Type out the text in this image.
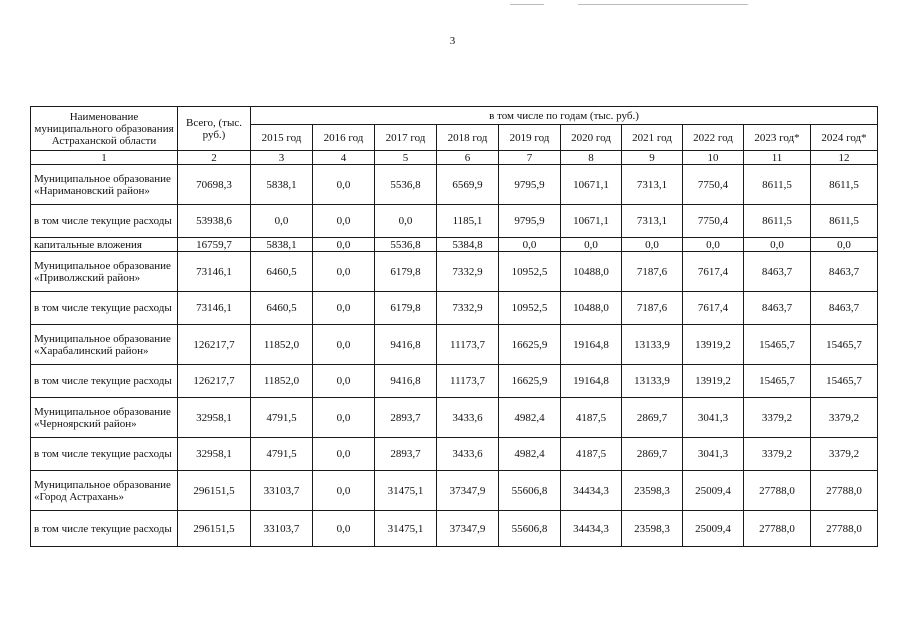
3
Наименование муниципального образования Астраханской области	Всего, (тыс. руб.)	в том числе по годам (тыс. руб.)									
		2015 год	2016 год	2017 год	2018 год	2019 год	2020 год	2021 год	2022 год	2023 год*	2024 год*
1	2	3	4	5	6	7	8	9	10	11	12
Муниципальное образование «Наримановский район»	70698,3	5838,1	0,0	5536,8	6569,9	9795,9	10671,1	7313,1	7750,4	8611,5	8611,5
в том числе текущие расходы	53938,6	0,0	0,0	0,0	1185,1	9795,9	10671,1	7313,1	7750,4	8611,5	8611,5
капитальные вложения	16759,7	5838,1	0,0	5536,8	5384,8	0,0	0,0	0,0	0,0	0,0	0,0
Муниципальное образование «Приволжский район»	73146,1	6460,5	0,0	6179,8	7332,9	10952,5	10488,0	7187,6	7617,4	8463,7	8463,7
в том числе текущие расходы	73146,1	6460,5	0,0	6179,8	7332,9	10952,5	10488,0	7187,6	7617,4	8463,7	8463,7
Муниципальное образование «Харабалинский район»	126217,7	11852,0	0,0	9416,8	11173,7	16625,9	19164,8	13133,9	13919,2	15465,7	15465,7
в том числе текущие расходы	126217,7	11852,0	0,0	9416,8	11173,7	16625,9	19164,8	13133,9	13919,2	15465,7	15465,7
Муниципальное образование «Черноярский район»	32958,1	4791,5	0,0	2893,7	3433,6	4982,4	4187,5	2869,7	3041,3	3379,2	3379,2
в том числе текущие расходы	32958,1	4791,5	0,0	2893,7	3433,6	4982,4	4187,5	2869,7	3041,3	3379,2	3379,2
Муниципальное образование «Город Астрахань»	296151,5	33103,7	0,0	31475,1	37347,9	55606,8	34434,3	23598,3	25009,4	27788,0	27788,0
в том числе текущие расходы	296151,5	33103,7	0,0	31475,1	37347,9	55606,8	34434,3	23598,3	25009,4	27788,0	27788,0
